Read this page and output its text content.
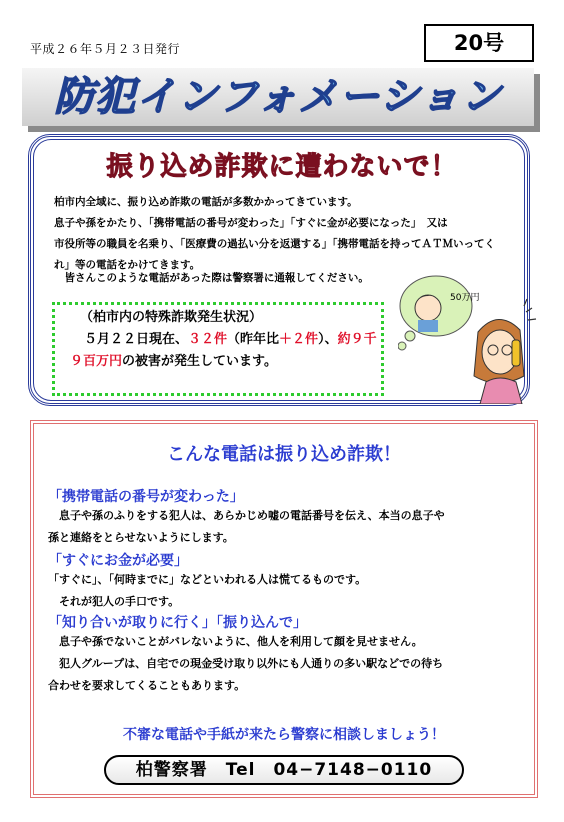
平成２６年５月２３日発行	20号
防犯インフォメーション
振り込め詐欺に遭わないで！
柏市内全域に、振り込め詐欺の電話が多数かかってきています。
息子や孫をかたり、「携帯電話の番号が変わった」「すぐに金が必要になった」　又は
市役所等の職員を名乗り、「医療費の過払い分を返還する」「携帯電話を持ってＡＴＭいってく
れ」等の電話をかけてきます。
　皆さんこのような電話があった際は警察署に通報してください。
（柏市内の特殊詐欺発生状況）
５月２２日現在、３２件（昨年比＋２件）、約９千
９百万円の被害が発生しています。
50万円
こんな電話は振り込め詐欺！
「携帯電話の番号が変わった」
　息子や孫のふりをする犯人は、あらかじめ嘘の電話番号を伝え、本当の息子や
孫と連絡をとらせないようにします。
「すぐにお金が必要」
「すぐに」、「何時までに」などといわれる人は慌てるものです。
　それが犯人の手口です。
「知り合いが取りに行く」「振り込んで」
　息子や孫でないことがバレないように、他人を利用して顔を見せません。
　犯人グループは、自宅での現金受け取り以外にも人通りの多い駅などでの待ち
合わせを要求してくることもあります。
不審な電話や手紙が来たら警察に相談しましょう！
柏警察署　Tel　04−7148−0110
